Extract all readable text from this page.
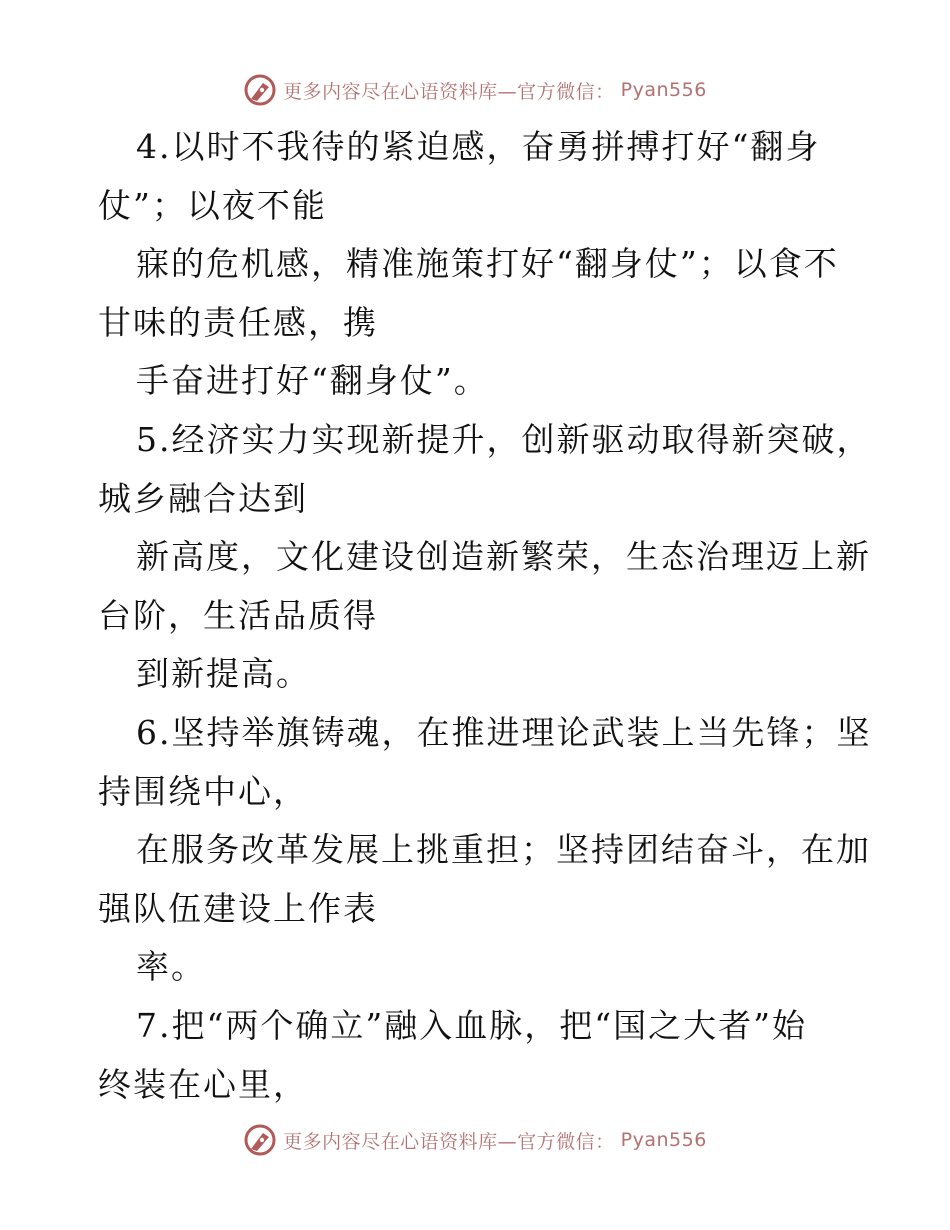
更多内容尽在心语资料库—官方微信： Pyan556
4.以时不我待的紧迫感，奋勇拼搏打好“翻身
仗”；以夜不能
寐的危机感，精准施策打好“翻身仗”；以食不
甘味的责任感，携
手奋进打好“翻身仗”。
5.经济实力实现新提升，创新驱动取得新突破，
城乡融合达到
新高度，文化建设创造新繁荣，生态治理迈上新
台阶，生活品质得
到新提高。
6.坚持举旗铸魂，在推进理论武装上当先锋；坚
持围绕中心，
在服务改革发展上挑重担；坚持团结奋斗，在加
强队伍建设上作表
率。
7.把“两个确立”融入血脉，把“国之大者”始
终装在心里，
更多内容尽在心语资料库—官方微信： Pyan556
